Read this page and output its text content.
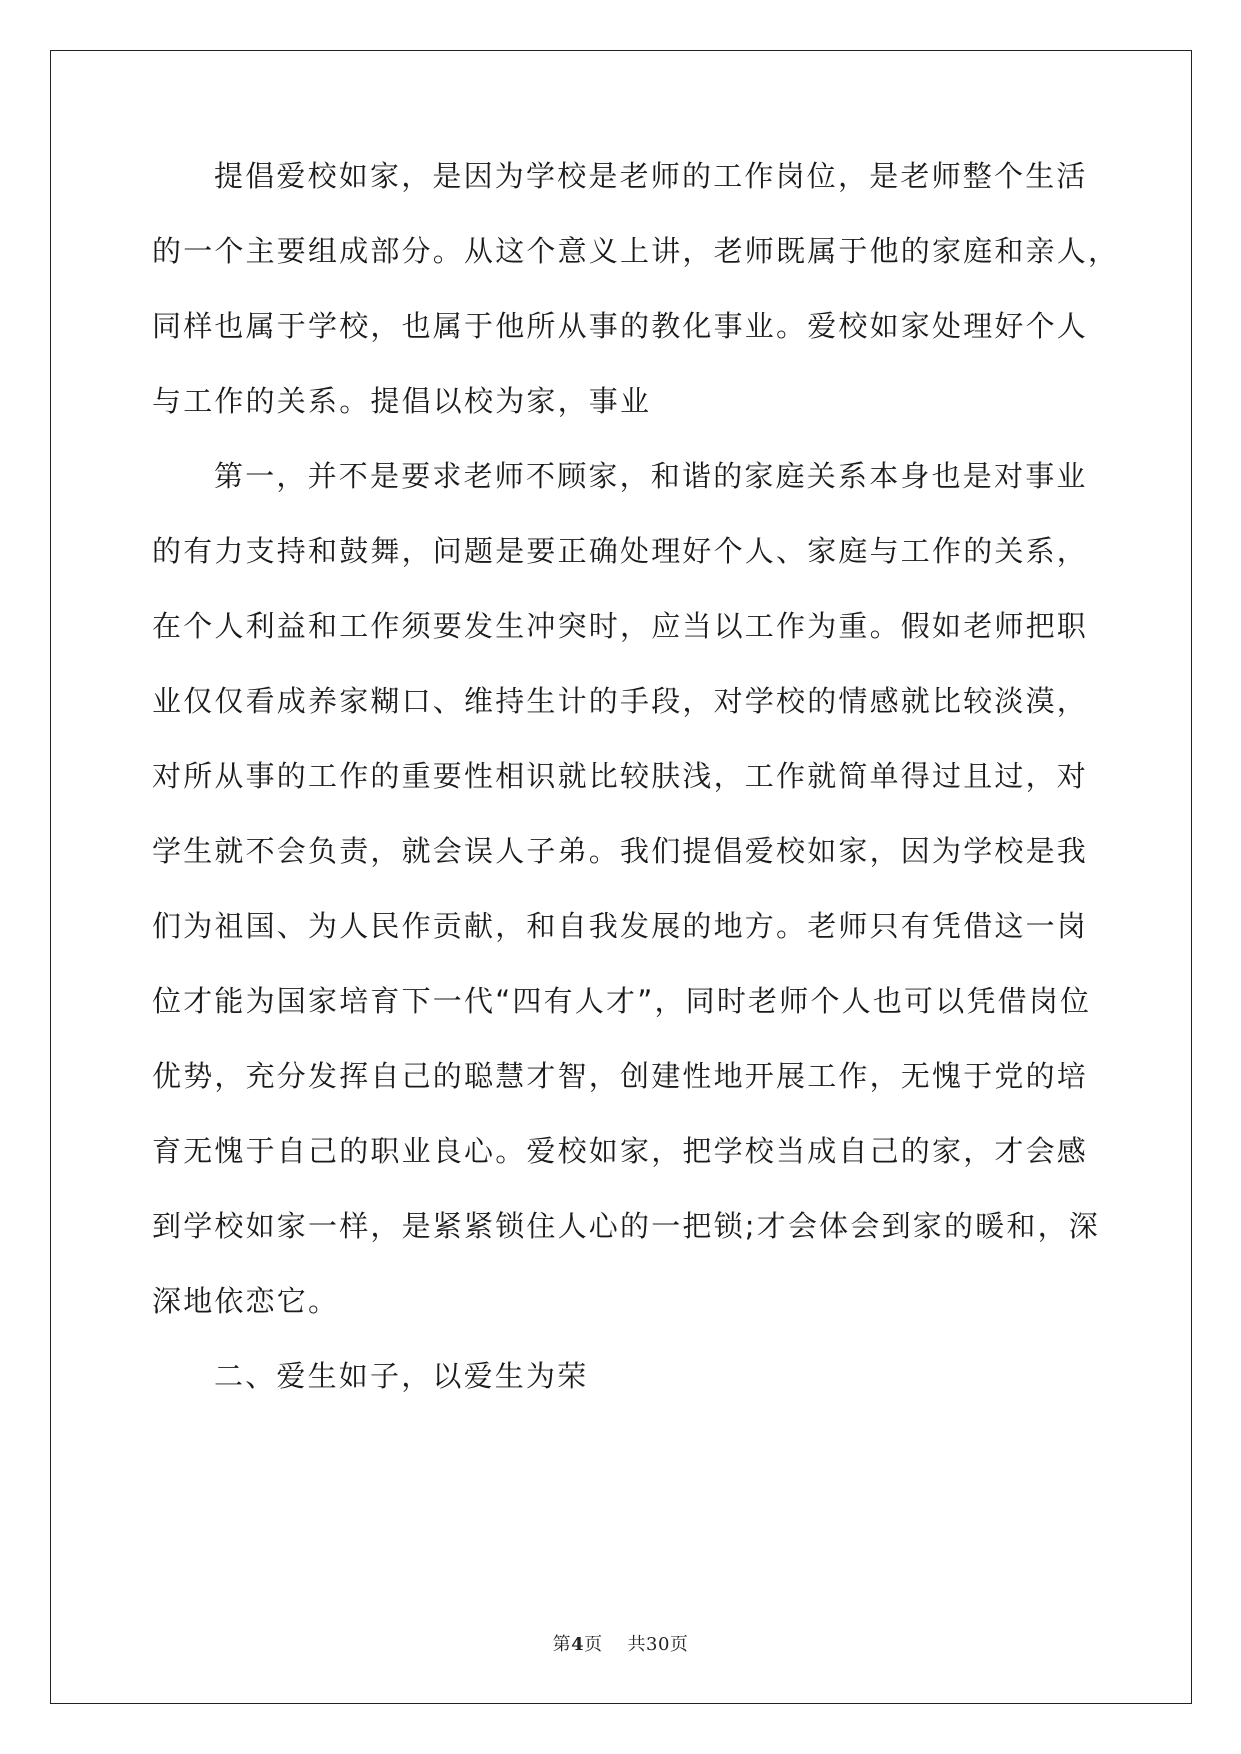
提倡爱校如家，是因为学校是老师的工作岗位，是老师整个生活
的一个主要组成部分。从这个意义上讲，老师既属于他的家庭和亲人，
同样也属于学校，也属于他所从事的教化事业。爱校如家处理好个人
与工作的关系。提倡以校为家，事业
第一，并不是要求老师不顾家，和谐的家庭关系本身也是对事业
的有力支持和鼓舞，问题是要正确处理好个人、家庭与工作的关系，
在个人利益和工作须要发生冲突时，应当以工作为重。假如老师把职
业仅仅看成养家糊口、维持生计的手段，对学校的情感就比较淡漠，
对所从事的工作的重要性相识就比较肤浅，工作就简单得过且过，对
学生就不会负责，就会误人子弟。我们提倡爱校如家，因为学校是我
们为祖国、为人民作贡献，和自我发展的地方。老师只有凭借这一岗
位才能为国家培育下一代“四有人才”，同时老师个人也可以凭借岗位
优势，充分发挥自己的聪慧才智，创建性地开展工作，无愧于党的培
育无愧于自己的职业良心。爱校如家，把学校当成自己的家，才会感
到学校如家一样，是紧紧锁住人心的一把锁;才会体会到家的暖和，深
深地依恋它。
二、爱生如子，以爱生为荣
第4页 共30页
